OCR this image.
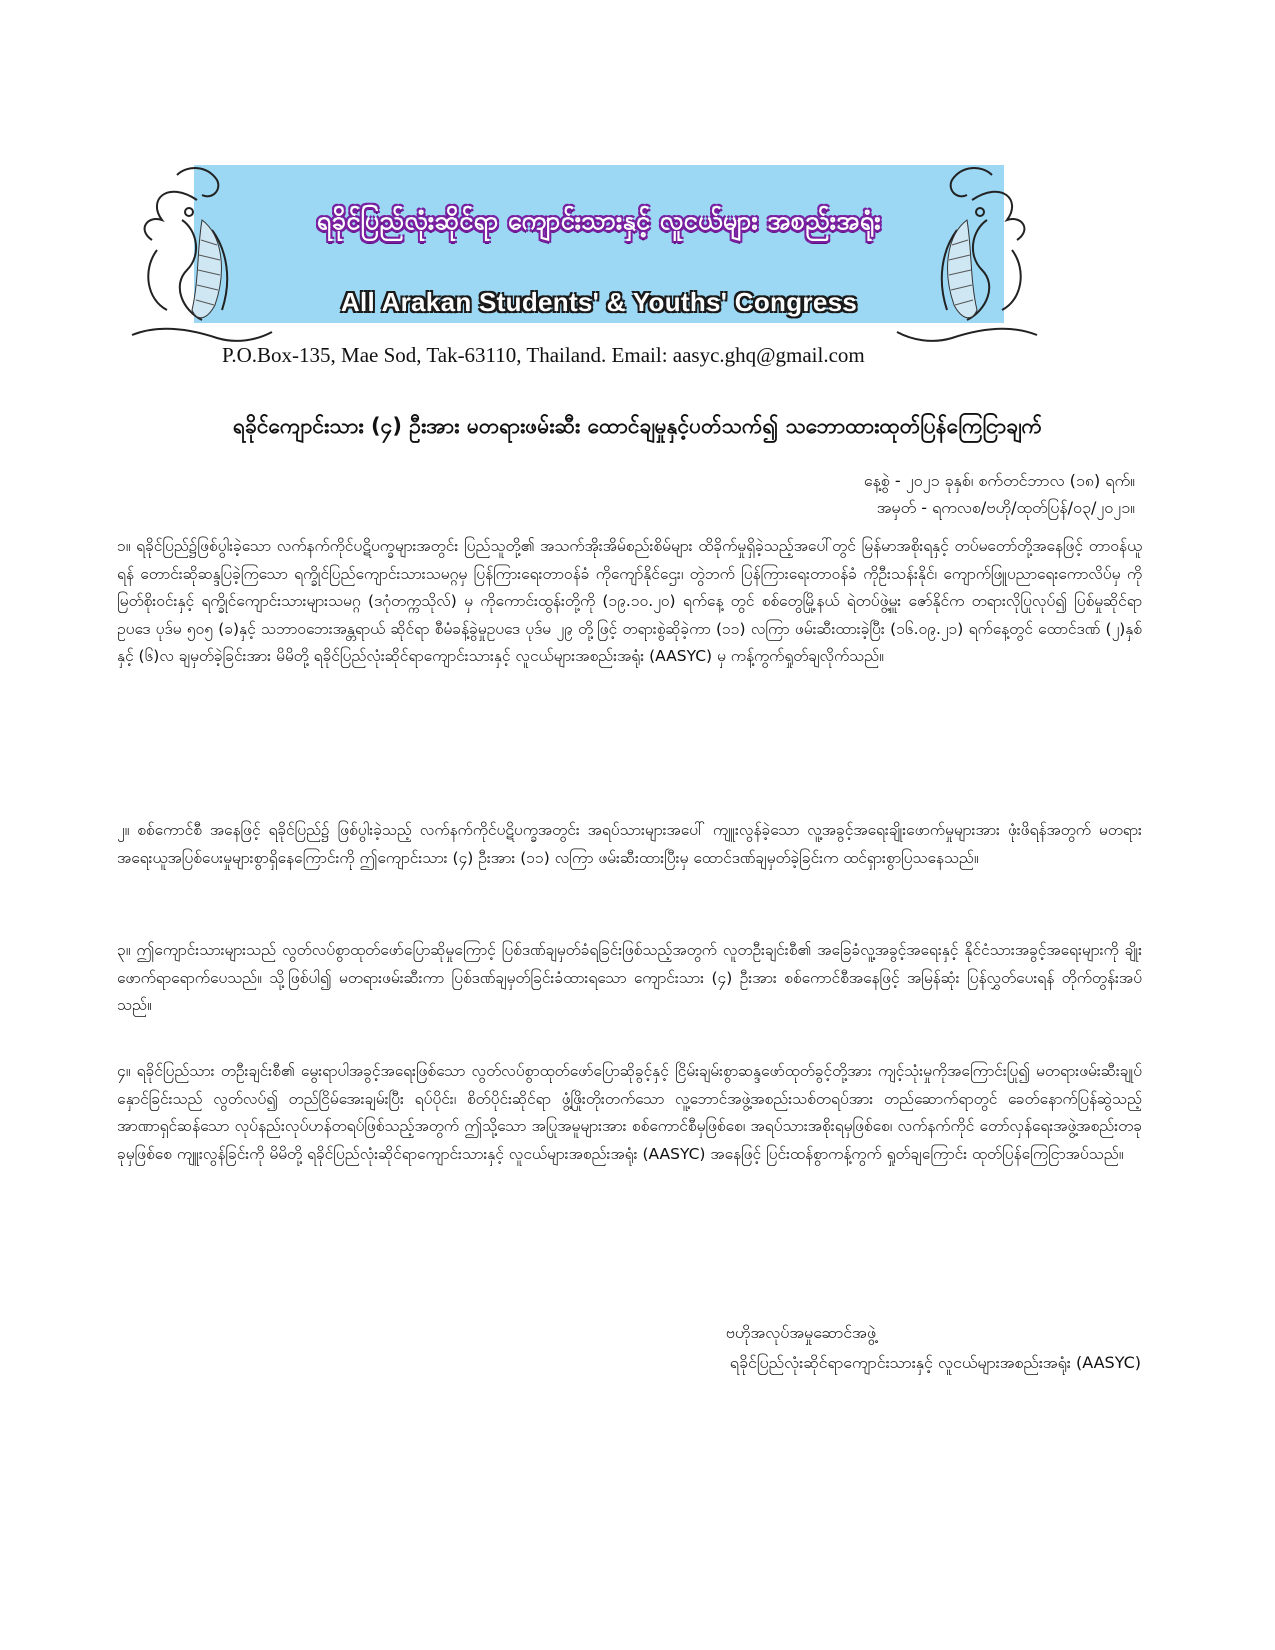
ရခိုင်ပြည်လုံးဆိုင်ရာ ကျောင်းသားနှင့် လူငယ်များ အစည်းအရုံး
All Arakan Students' & Youths' Congress
P.O.Box-135, Mae Sod, Tak-63110, Thailand. Email: aasyc.ghq@gmail.com
ရခိုင်ကျောင်းသား (၄) ဦးအား မတရားဖမ်းဆီး ထောင်ချမှုနှင့်ပတ်သက်၍ သဘောထားထုတ်ပြန်ကြေငြာချက်
နေ့စွဲ - ၂၀၂၁ ခုနှစ်၊ စက်တင်ဘာလ (၁၈) ရက်။
အမှတ် - ရကလစ/ဗဟို/ထုတ်ပြန်/၀၃/၂၀၂၁။
၁။ ရခိုင်ပြည်၌ဖြစ်ပွါးခဲ့သော လက်နက်ကိုင်ပဋိပက္ခများအတွင်း ပြည်သူတို့၏ အသက်အိုးအိမ်စည်းစိမ်များ ထိခိုက်မှုရှိခဲ့သည့်အပေါ်တွင် မြန်မာအစိုးရနှင့် တပ်မတော်တို့အနေဖြင့် တာဝန်ယူရန် တောင်းဆိုဆန္ဒပြခဲ့ကြသော ရက္ခိုင်ပြည်ကျောင်းသားသမဂ္ဂမှ ပြန်ကြားရေးတာဝန်ခံ ကိုကျော်နိုင်ဌေး၊ တွဲဘက် ပြန်ကြားရေးတာဝန်ခံ ကိုဦးသန်းနိုင်၊ ကျောက်ဖြူပညာရေးကောလိပ်မှ ကိုမြတ်စိုးဝင်းနှင့် ရက္ခိုင်ကျောင်းသားများသမဂ္ဂ (ဒဂုံတက္ကသိုလ်) မှ ကိုကောင်းထွန်းတို့ကို (၁၉.၁၀.၂၀) ရက်နေ့ တွင် စစ်တွေမြို့နယ် ရဲတပ်ဖွဲ့မှူး ဇော်နိုင်က တရားလိုပြုလုပ်၍ ပြစ်မှုဆိုင်ရာဥပဒေ ပုဒ်မ ၅၀၅ (ခ)နှင့် သဘာဝဘေးအန္တရာယ် ဆိုင်ရာ စီမံခန့်ခွဲမှုဥပဒေ ပုဒ်မ ၂၉ တို့ဖြင့် တရားစွဲဆိုခဲ့ကာ (၁၁) လကြာ ဖမ်းဆီးထားခဲ့ပြီး (၁၆.၀၉.၂၁) ရက်နေ့တွင် ထောင်ဒဏ် (၂)နှစ်နှင့် (၆)လ ချမှတ်ခဲ့ခြင်းအား မိမိတို့ ရခိုင်ပြည်လုံးဆိုင်ရာကျောင်းသားနှင့် လူငယ်များအစည်းအရုံး (AASYC) မှ ကန့်ကွက်ရှုတ်ချလိုက်သည်။
၂။ စစ်ကောင်စီ အနေဖြင့် ရခိုင်ပြည်၌ ဖြစ်ပွါးခဲ့သည့် လက်နက်ကိုင်ပဋိပက္ခအတွင်း အရပ်သားများအပေါ် ကျူးလွန်ခဲ့သော လူ့အခွင့်အရေးချိုးဖောက်မှုများအား ဖုံးဖိရန်အတွက် မတရားအရေးယူအပြစ်ပေးမှုများစွာရှိနေကြောင်းကို ဤကျောင်းသား (၄) ဦးအား (၁၁) လကြာ ဖမ်းဆီးထားပြီးမှ ထောင်ဒဏ်ချမှတ်ခဲ့ခြင်းက ထင်ရှားစွာပြသနေသည်။
၃။ ဤကျောင်းသားများသည် လွတ်လပ်စွာထုတ်ဖော်ပြောဆိုမှုကြောင့် ပြစ်ဒဏ်ချမှတ်ခံရခြင်းဖြစ်သည့်အတွက် လူတဦးချင်းစီ၏ အခြေခံလူ့အခွင့်အရေးနှင့် နိုင်ငံသားအခွင့်အရေးများကို ချိုးဖောက်ရာရောက်ပေသည်။ သို့ဖြစ်ပါ၍ မတရားဖမ်းဆီးကာ ပြစ်ဒဏ်ချမှတ်ခြင်းခံထားရသော ကျောင်းသား (၄) ဦးအား စစ်ကောင်စီအနေဖြင့် အမြန်ဆုံး ပြန်လွှတ်ပေးရန် တိုက်တွန်းအပ်သည်။
၄။ ရခိုင်ပြည်သား တဦးချင်းစီ၏ မွေးရာပါအခွင့်အရေးဖြစ်သော လွတ်လပ်စွာထုတ်ဖော်ပြောဆိုခွင့်နှင့် ငြိမ်းချမ်းစွာဆန္ဒဖော်ထုတ်ခွင့်တို့အား ကျင့်သုံးမှုကိုအကြောင်းပြု၍ မတရားဖမ်းဆီးချုပ်နှောင်ခြင်းသည် လွတ်လပ်၍ တည်ငြိမ်အေးချမ်းပြီး ရပ်ပိုင်း၊ စိတ်ပိုင်းဆိုင်ရာ ဖွံ့ဖြိုးတိုးတက်သော လူ့ဘောင်အဖွဲ့အစည်းသစ်တရပ်အား တည်ဆောက်ရာတွင် ခေတ်နောက်ပြန်ဆွဲသည့် အာဏာရှင်ဆန်သော လုပ်နည်းလုပ်ဟန်တရပ်ဖြစ်သည့်အတွက် ဤသို့သော အပြုအမူများအား စစ်ကောင်စီမှဖြစ်စေ၊ အရပ်သားအစိုးရမှဖြစ်စေ၊ လက်နက်ကိုင် တော်လှန်ရေးအဖွဲ့အစည်းတခုခုမှဖြစ်စေ ကျူးလွန်ခြင်းကို မိမိတို့ ရခိုင်ပြည်လုံးဆိုင်ရာကျောင်းသားနှင့် လူငယ်များအစည်းအရုံး (AASYC) အနေဖြင့် ပြင်းထန်စွာကန့်ကွက် ရှုတ်ချကြောင်း ထုတ်ပြန်ကြေငြာအပ်သည်။
ဗဟိုအလုပ်အမှုဆောင်အဖွဲ့
ရခိုင်ပြည်လုံးဆိုင်ရာကျောင်းသားနှင့် လူငယ်များအစည်းအရုံး (AASYC)
